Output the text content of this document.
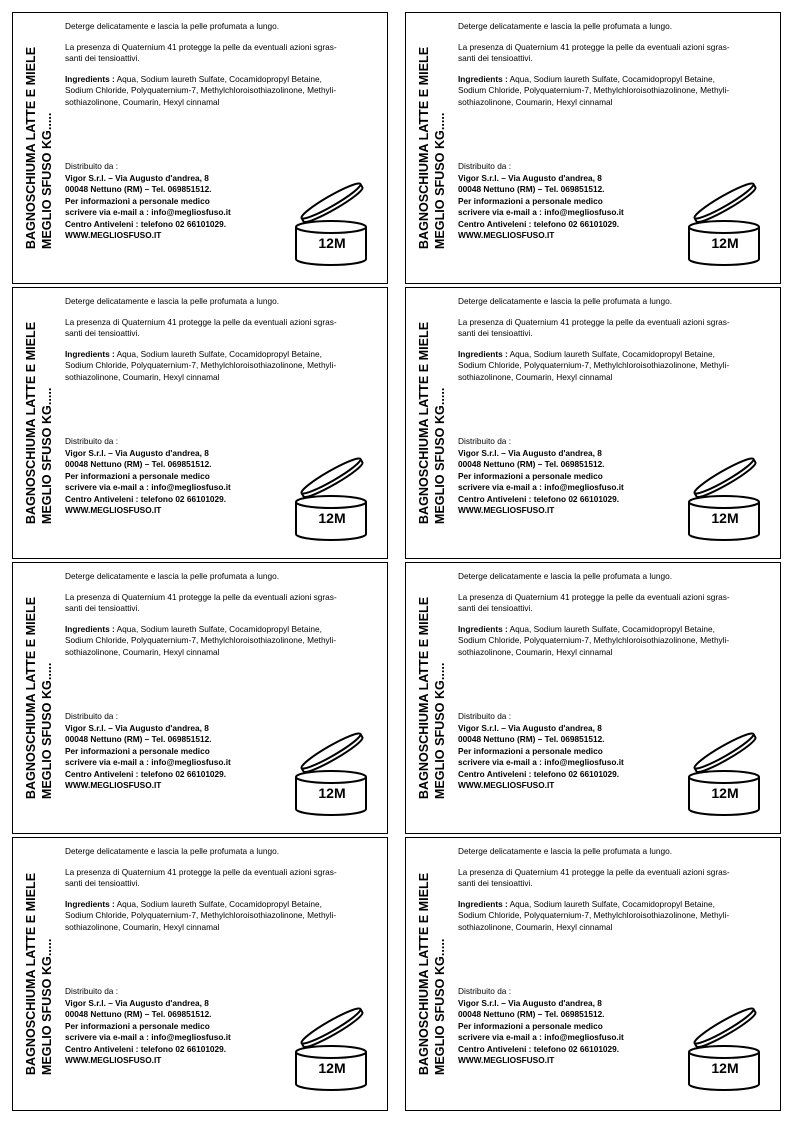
BAGNOSCHIUMA LATTE E MIELE MEGLIO SFUSO KG.....

Deterge delicatamente e lascia la pelle profumata a lungo.

La presenza di Quaternium 41 protegge la pelle da eventuali azioni sgras-

santi dei tensioattivi.

Ingredients : Aqua, Sodium laureth Sulfate, Cocamidopropyl Betaine,

Sodium Chloride, Polyquaternium-7, Methylchloroisothiazolinone, Methyli-

sothiazolinone, Coumarin, Hexyl cinnamal

Distribuito da :
Vigor S.r.l. – Via Augusto d'andrea, 8
00048 Nettuno (RM) – Tel. 069851512.
Per informazioni a personale medico
scrivere via e-mail a : info@megliosfuso.it
Centro Antiveleni : telefono 02 66101029.
WWW.MEGLIOSFUSO.IT	12M	BAGNOSCHIUMA LATTE E MIELE MEGLIO SFUSO KG.....

Deterge delicatamente e lascia la pelle profumata a lungo.

La presenza di Quaternium 41 protegge la pelle da eventuali azioni sgras-

santi dei tensioattivi.

Ingredients : Aqua, Sodium laureth Sulfate, Cocamidopropyl Betaine,

Sodium Chloride, Polyquaternium-7, Methylchloroisothiazolinone, Methyli-

sothiazolinone, Coumarin, Hexyl cinnamal

Distribuito da :
Vigor S.r.l. – Via Augusto d'andrea, 8
00048 Nettuno (RM) – Tel. 069851512.
Per informazioni a personale medico
scrivere via e-mail a : info@megliosfuso.it
Centro Antiveleni : telefono 02 66101029.
WWW.MEGLIOSFUSO.IT	12M
BAGNOSCHIUMA LATTE E MIELE MEGLIO SFUSO KG.....

Deterge delicatamente e lascia la pelle profumata a lungo.

La presenza di Quaternium 41 protegge la pelle da eventuali azioni sgras-

santi dei tensioattivi.

Ingredients : Aqua, Sodium laureth Sulfate, Cocamidopropyl Betaine,

Sodium Chloride, Polyquaternium-7, Methylchloroisothiazolinone, Methyli-

sothiazolinone, Coumarin, Hexyl cinnamal

Distribuito da :
Vigor S.r.l. – Via Augusto d'andrea, 8
00048 Nettuno (RM) – Tel. 069851512.
Per informazioni a personale medico
scrivere via e-mail a : info@megliosfuso.it
Centro Antiveleni : telefono 02 66101029.
WWW.MEGLIOSFUSO.IT	12M	BAGNOSCHIUMA LATTE E MIELE MEGLIO SFUSO KG.....

Deterge delicatamente e lascia la pelle profumata a lungo.

La presenza di Quaternium 41 protegge la pelle da eventuali azioni sgras-

santi dei tensioattivi.

Ingredients : Aqua, Sodium laureth Sulfate, Cocamidopropyl Betaine,

Sodium Chloride, Polyquaternium-7, Methylchloroisothiazolinone, Methyli-

sothiazolinone, Coumarin, Hexyl cinnamal

Distribuito da :
Vigor S.r.l. – Via Augusto d'andrea, 8
00048 Nettuno (RM) – Tel. 069851512.
Per informazioni a personale medico
scrivere via e-mail a : info@megliosfuso.it
Centro Antiveleni : telefono 02 66101029.
WWW.MEGLIOSFUSO.IT	12M
BAGNOSCHIUMA LATTE E MIELE MEGLIO SFUSO KG.....

Deterge delicatamente e lascia la pelle profumata a lungo.

La presenza di Quaternium 41 protegge la pelle da eventuali azioni sgras-

santi dei tensioattivi.

Ingredients : Aqua, Sodium laureth Sulfate, Cocamidopropyl Betaine,

Sodium Chloride, Polyquaternium-7, Methylchloroisothiazolinone, Methyli-

sothiazolinone, Coumarin, Hexyl cinnamal

Distribuito da :
Vigor S.r.l. – Via Augusto d'andrea, 8
00048 Nettuno (RM) – Tel. 069851512.
Per informazioni a personale medico
scrivere via e-mail a : info@megliosfuso.it
Centro Antiveleni : telefono 02 66101029.
WWW.MEGLIOSFUSO.IT	12M	BAGNOSCHIUMA LATTE E MIELE MEGLIO SFUSO KG.....

Deterge delicatamente e lascia la pelle profumata a lungo.

La presenza di Quaternium 41 protegge la pelle da eventuali azioni sgras-

santi dei tensioattivi.

Ingredients : Aqua, Sodium laureth Sulfate, Cocamidopropyl Betaine,

Sodium Chloride, Polyquaternium-7, Methylchloroisothiazolinone, Methyli-

sothiazolinone, Coumarin, Hexyl cinnamal

Distribuito da :
Vigor S.r.l. – Via Augusto d'andrea, 8
00048 Nettuno (RM) – Tel. 069851512.
Per informazioni a personale medico
scrivere via e-mail a : info@megliosfuso.it
Centro Antiveleni : telefono 02 66101029.
WWW.MEGLIOSFUSO.IT	12M
BAGNOSCHIUMA LATTE E MIELE MEGLIO SFUSO KG.....

Deterge delicatamente e lascia la pelle profumata a lungo.

La presenza di Quaternium 41 protegge la pelle da eventuali azioni sgras-

santi dei tensioattivi.

Ingredients : Aqua, Sodium laureth Sulfate, Cocamidopropyl Betaine,

Sodium Chloride, Polyquaternium-7, Methylchloroisothiazolinone, Methyli-

sothiazolinone, Coumarin, Hexyl cinnamal

Distribuito da :
Vigor S.r.l. – Via Augusto d'andrea, 8
00048 Nettuno (RM) – Tel. 069851512.
Per informazioni a personale medico
scrivere via e-mail a : info@megliosfuso.it
Centro Antiveleni : telefono 02 66101029.
WWW.MEGLIOSFUSO.IT	12M	BAGNOSCHIUMA LATTE E MIELE MEGLIO SFUSO KG.....

Deterge delicatamente e lascia la pelle profumata a lungo.

La presenza di Quaternium 41 protegge la pelle da eventuali azioni sgras-

santi dei tensioattivi.

Ingredients : Aqua, Sodium laureth Sulfate, Cocamidopropyl Betaine,

Sodium Chloride, Polyquaternium-7, Methylchloroisothiazolinone, Methyli-

sothiazolinone, Coumarin, Hexyl cinnamal

Distribuito da :
Vigor S.r.l. – Via Augusto d'andrea, 8
00048 Nettuno (RM) – Tel. 069851512.
Per informazioni a personale medico
scrivere via e-mail a : info@megliosfuso.it
Centro Antiveleni : telefono 02 66101029.
WWW.MEGLIOSFUSO.IT	12M
